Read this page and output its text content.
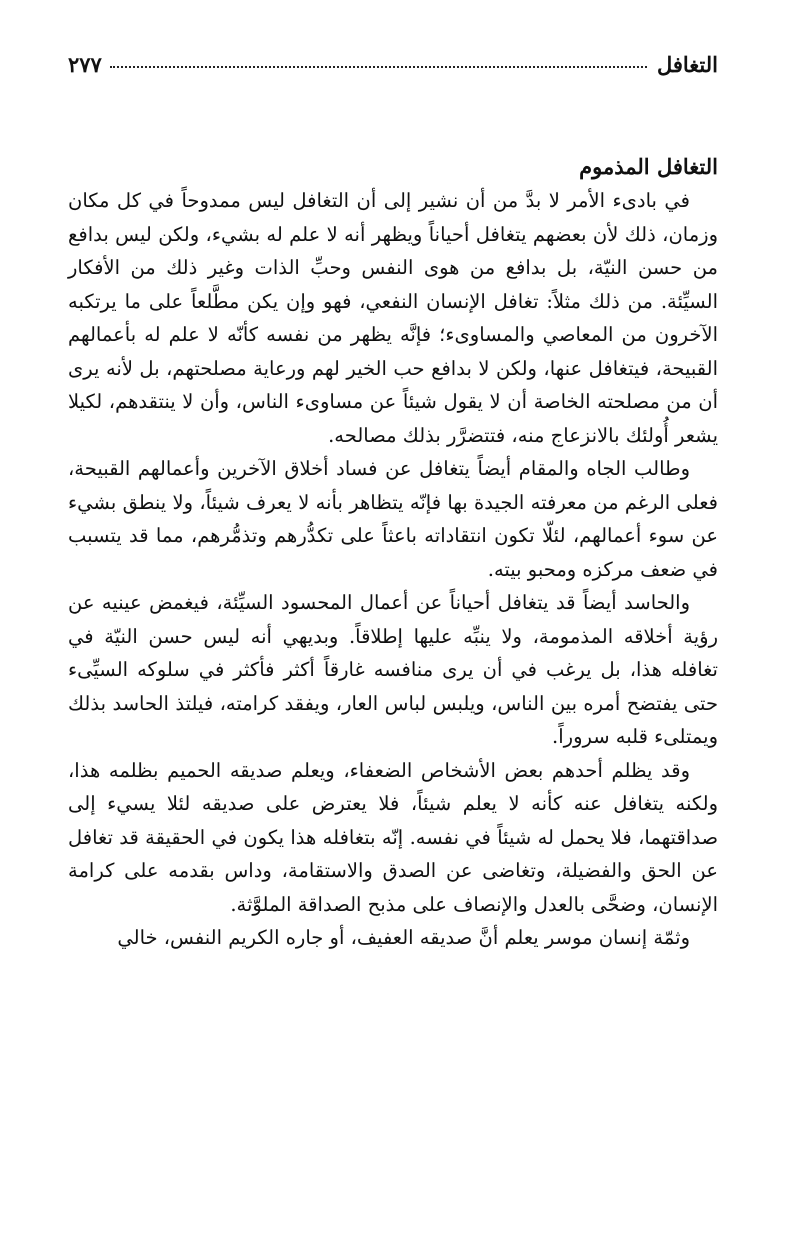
التغافل
٢٧٧
التغافل المذموم

في بادىء الأمر لا بدَّ من أن نشير إلى أن التغافل ليس ممدوحاً في كل مكان وزمان، ذلك لأن بعضهم يتغافل أحياناً ويظهر أنه لا علم له بشيء، ولكن ليس بدافع من حسن النيّة، بل بدافع من هوى النفس وحبِّ الذات وغير ذلك من الأفكار السيِّئة. من ذلك مثلاً: تغافل الإنسان النفعي، فهو وإن يكن مطَّلعاً على ما يرتكبه الآخرون من المعاصي والمساوىء؛ فإنَّه يظهر من نفسه كأنّه لا علم له بأعمالهم القبيحة، فيتغافل عنها، ولكن لا بدافع حب الخير لهم ورعاية مصلحتهم، بل لأنه يرى أن من مصلحته الخاصة أن لا يقول شيئاً عن مساوىء الناس، وأن لا ينتقدهم، لكيلا يشعر أُولئك بالانزعاج منه، فتتضرَّر بذلك مصالحه.

وطالب الجاه والمقام أيضاً يتغافل عن فساد أخلاق الآخرين وأعمالهم القبيحة، فعلى الرغم من معرفته الجيدة بها فإنّه يتظاهر بأنه لا يعرف شيئاً، ولا ينطق بشيء عن سوء أعمالهم، لئلّا تكون انتقاداته باعثاً على تكدُّرهم وتذمُّرهم، مما قد يتسبب في ضعف مركزه ومحبو بيته.

والحاسد أيضاً قد يتغافل أحياناً عن أعمال المحسود السيِّئة، فيغمض عينيه عن رؤية أخلاقه المذمومة، ولا ينبِّه عليها إطلاقاً. وبديهي أنه ليس حسن النيّة في تغافله هذا، بل يرغب في أن يرى منافسه غارقاً أكثر فأكثر في سلوكه السيِّىء حتى يفتضح أمره بين الناس، ويلبس لباس العار، ويفقد كرامته، فيلتذ الحاسد بذلك ويمتلىء قلبه سروراً.

وقد يظلم أحدهم بعض الأشخاص الضعفاء، ويعلم صديقه الحميم بظلمه هذا، ولكنه يتغافل عنه كأنه لا يعلم شيئاً، فلا يعترض على صديقه لئلا يسيء إلى صداقتهما، فلا يحمل له شيئاً في نفسه. إنّه بتغافله هذا يكون في الحقيقة قد تغافل عن الحق والفضيلة، وتغاضى عن الصدق والاستقامة، وداس بقدمه على كرامة الإنسان، وضحَّى بالعدل والإنصاف على مذبح الصداقة الملوَّثة.

وثمّة إنسان موسر يعلم أنَّ صديقه العفيف، أو جاره الكريم النفس، خالي
